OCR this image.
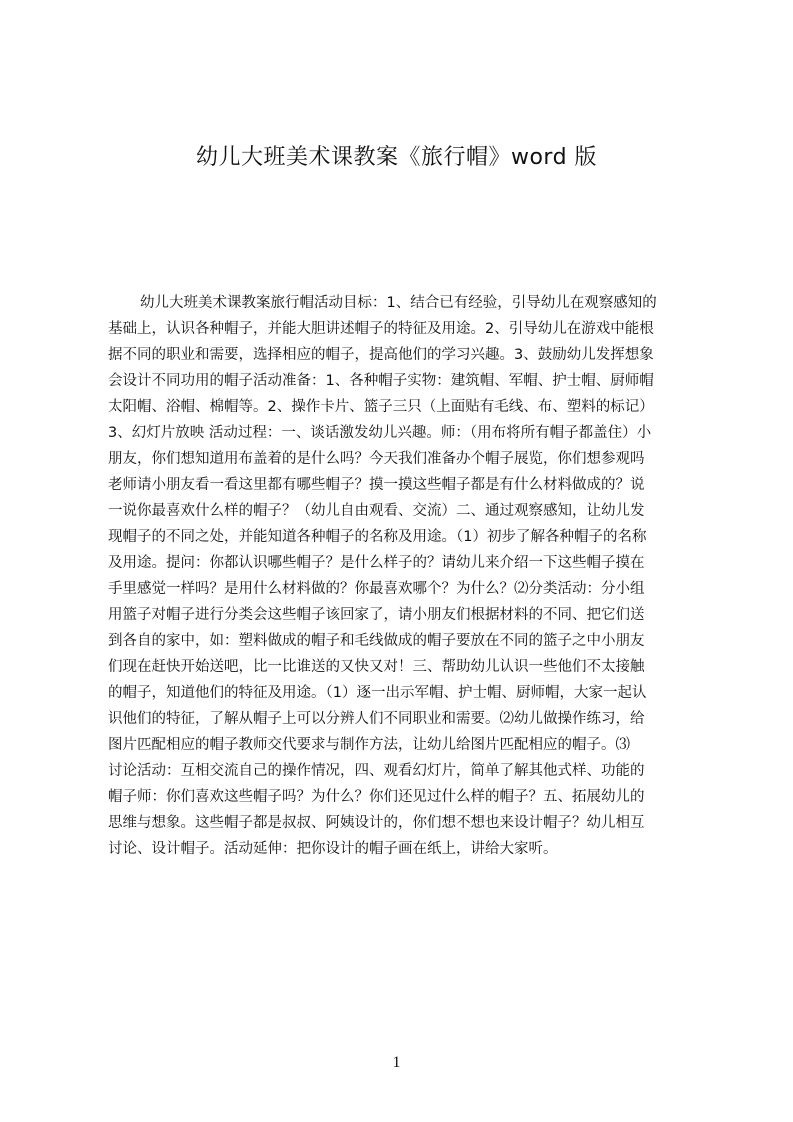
幼儿大班美术课教案《旅行帽》word 版
幼儿大班美术课教案旅行帽活动目标：1、结合已有经验，引导幼儿在观察感知的
基础上，认识各种帽子，并能大胆讲述帽子的特征及用途。2、引导幼儿在游戏中能根
据不同的职业和需要，选择相应的帽子，提高他们的学习兴趣。3、鼓励幼儿发挥想象
会设计不同功用的帽子活动准备：1、各种帽子实物：建筑帽、军帽、护士帽、厨师帽
太阳帽、浴帽、棉帽等。2、操作卡片、篮子三只（上面贴有毛线、布、塑料的标记）
3、幻灯片放映 活动过程：一、谈话激发幼儿兴趣。师：（用布将所有帽子都盖住）小
朋友，你们想知道用布盖着的是什么吗？今天我们准备办个帽子展览，你们想参观吗
老师请小朋友看一看这里都有哪些帽子？摸一摸这些帽子都是有什么材料做成的？说
一说你最喜欢什么样的帽子？（幼儿自由观看、交流）二、通过观察感知，让幼儿发
现帽子的不同之处，并能知道各种帽子的名称及用途。（1）初步了解各种帽子的名称
及用途。提问：你都认识哪些帽子？是什么样子的？请幼儿来介绍一下这些帽子摸在
手里感觉一样吗？是用什么材料做的？你最喜欢哪个？为什么？⑵分类活动：分小组
用篮子对帽子进行分类会这些帽子该回家了，请小朋友们根据材料的不同、把它们送
到各自的家中，如：塑料做成的帽子和毛线做成的帽子要放在不同的篮子之中小朋友
们现在赶快开始送吧，比一比谁送的又快又对！三、帮助幼儿认识一些他们不太接触
的帽子，知道他们的特征及用途。（1）逐一出示军帽、护士帽、厨师帽，大家一起认
识他们的特征，了解从帽子上可以分辨人们不同职业和需要。⑵幼儿做操作练习，给
图片匹配相应的帽子教师交代要求与制作方法，让幼儿给图片匹配相应的帽子。⑶
讨论活动：互相交流自己的操作情况，四、观看幻灯片，简单了解其他式样、功能的
帽子师：你们喜欢这些帽子吗？为什么？你们还见过什么样的帽子？五、拓展幼儿的
思维与想象。这些帽子都是叔叔、阿姨设计的，你们想不想也来设计帽子？幼儿相互
讨论、设计帽子。活动延伸：把你设计的帽子画在纸上，讲给大家听。
1
